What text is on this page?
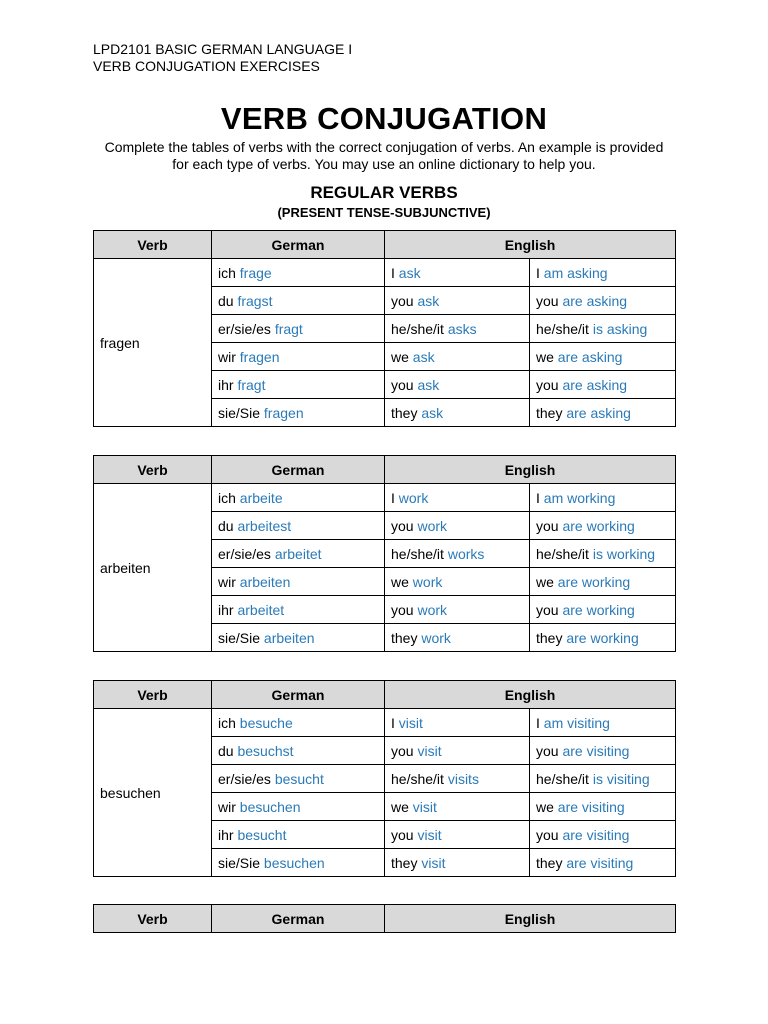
LPD2101 BASIC GERMAN LANGUAGE I
VERB CONJUGATION EXERCISES
VERB CONJUGATION
Complete the tables of verbs with the correct conjugation of verbs. An example is provided
for each type of verbs. You may use an online dictionary to help you.
REGULAR VERBS
(PRESENT TENSE-SUBJUNCTIVE)
Verb	German	English	
fragen	ich frage	I ask	I am asking
	du fragst	you ask	you are asking
	er/sie/es fragt	he/she/it asks	he/she/it is asking
	wir fragen	we ask	we are asking
	ihr fragt	you ask	you are asking
	sie/Sie fragen	they ask	they are asking
Verb	German	English	
arbeiten	ich arbeite	I work	I am working
	du arbeitest	you work	you are working
	er/sie/es arbeitet	he/she/it works	he/she/it is working
	wir arbeiten	we work	we are working
	ihr arbeitet	you work	you are working
	sie/Sie arbeiten	they work	they are working
Verb	German	English	
besuchen	ich besuche	I visit	I am visiting
	du besuchst	you visit	you are visiting
	er/sie/es besucht	he/she/it visits	he/she/it is visiting
	wir besuchen	we visit	we are visiting
	ihr besucht	you visit	you are visiting
	sie/Sie besuchen	they visit	they are visiting
Verb	German	English
